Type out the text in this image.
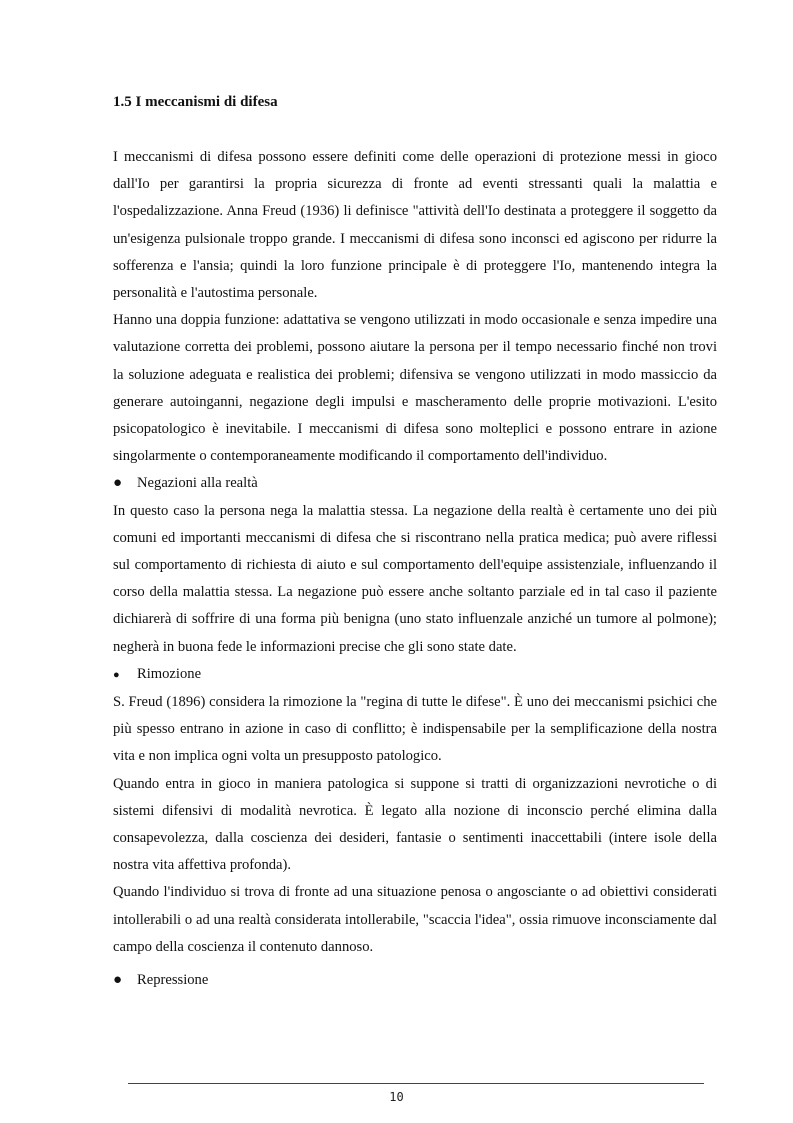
1.5 I meccanismi di difesa

I meccanismi di difesa possono essere definiti come delle operazioni di protezione messi in gioco dall'Io per garantirsi la propria sicurezza di fronte ad eventi stressanti quali la malattia e l'ospedalizzazione. Anna Freud (1936) li definisce "attività dell'Io destinata a proteggere il soggetto da un'esigenza pulsionale troppo grande. I meccanismi di difesa sono inconsci ed agiscono per ridurre la sofferenza e l'ansia; quindi la loro funzione principale è di proteggere l'Io, mantenendo integra la personalità e l'autostima personale.

Hanno una doppia funzione: adattativa se vengono utilizzati in modo occasionale e senza impedire una valutazione corretta dei problemi, possono aiutare la persona per il tempo necessario finché non trovi la soluzione adeguata e realistica dei problemi; difensiva se vengono utilizzati in modo massiccio da generare autoinganni, negazione degli impulsi e mascheramento delle proprie motivazioni. L'esito psicopatologico è inevitabile. I meccanismi di difesa sono molteplici e possono entrare in azione singolarmente o contemporaneamente modificando il comportamento dell'individuo.

●	Negazioni alla realtà

In questo caso la persona nega la malattia stessa. La negazione della realtà è certamente uno dei più comuni ed importanti meccanismi di difesa che si riscontrano nella pratica medica; può avere riflessi sul comportamento di richiesta di aiuto e sul comportamento dell'equipe assistenziale, influenzando il corso della malattia stessa. La negazione può essere anche soltanto parziale ed in tal caso il paziente dichiarerà di soffrire di una forma più benigna (uno stato influenzale anziché un tumore al polmone); negherà in buona fede le informazioni precise che gli sono state date.

●	Rimozione

S. Freud (1896) considera la rimozione la "regina di tutte le difese". È uno dei meccanismi psichici che più spesso entrano in azione in caso di conflitto; è indispensabile per la semplificazione della nostra vita e non implica ogni volta un presupposto patologico.

Quando entra in gioco in maniera patologica si suppone si tratti di organizzazioni nevrotiche o di sistemi difensivi di modalità nevrotica. È legato alla nozione di inconscio perché elimina dalla consapevolezza, dalla coscienza dei desideri, fantasie o sentimenti inaccettabili (intere isole della nostra vita affettiva profonda).

Quando l'individuo si trova di fronte ad una situazione penosa o angosciante o ad obiettivi considerati intollerabili o ad una realtà considerata intollerabile, "scaccia l'idea", ossia rimuove inconsciamente dal campo della coscienza il contenuto dannoso.

●	Repressione
10
